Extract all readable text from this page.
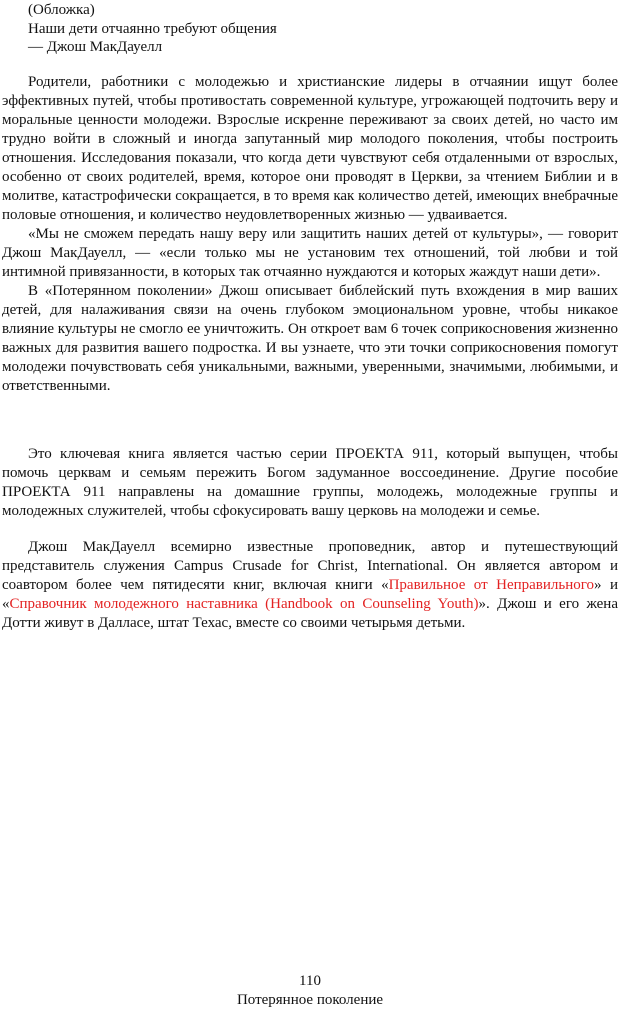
(Обложка)
Наши дети отчаянно требуют общения
— Джош МакДауелл

Родители, работники с молодежью и христианские лидеры в отчаянии ищут более эффективных путей, чтобы противостать современной культуре, угрожающей подточить веру и моральные ценности молодежи. Взрослые искренне переживают за своих детей, но часто им трудно войти в сложный и иногда запутанный мир молодого поколения, чтобы построить отношения. Исследования показали, что когда дети чувствуют себя отдаленными от взрослых, особенно от своих родителей, время, которое они проводят в Церкви, за чтением Библии и в молитве, катастрофически сокращается, в то время как количество детей, имеющих внебрачные половые отношения, и количество неудовлетворенных жизнью — удваивается.

«Мы не сможем передать нашу веру или защитить наших детей от культуры», — говорит Джош МакДауелл, — «если только мы не установим тех отношений, той любви и той интимной привязанности, в которых так отчаянно нуждаются и которых жаждут наши дети».

В «Потерянном поколении» Джош описывает библейский путь вхождения в мир ваших детей, для налаживания связи на очень глубоком эмоциональном уровне, чтобы никакое влияние культуры не смогло ее уничтожить. Он откроет вам 6 точек соприкосновения жизненно важных для развития вашего подростка. И вы узнаете, что эти точки соприкосновения помогут молодежи почувствовать себя уникальными, важными, уверенными, значимыми, любимыми, и ответственными.

Это ключевая книга является частью серии ПРОЕКТА 911, который выпущен, чтобы помочь церквам и семьям пережить Богом задуманное воссоединение. Другие пособие ПРОЕКТА 911 направлены на домашние группы, молодежь, молодежные группы и молодежных служителей, чтобы сфокусировать вашу церковь на молодежи и семье.

Джош МакДауелл всемирно известные проповедник, автор и путешествующий представитель служения Campus Crusade for Christ, International. Он является автором и соавтором более чем пятидесяти книг, включая книги «Правильное от Неправильного» и «Справочник молодежного наставника (Handbook on Counseling Youth)». Джош и его жена Дотти живут в Далласе, штат Техас, вместе со своими четырьмя детьми.

110
Потерянное поколение
